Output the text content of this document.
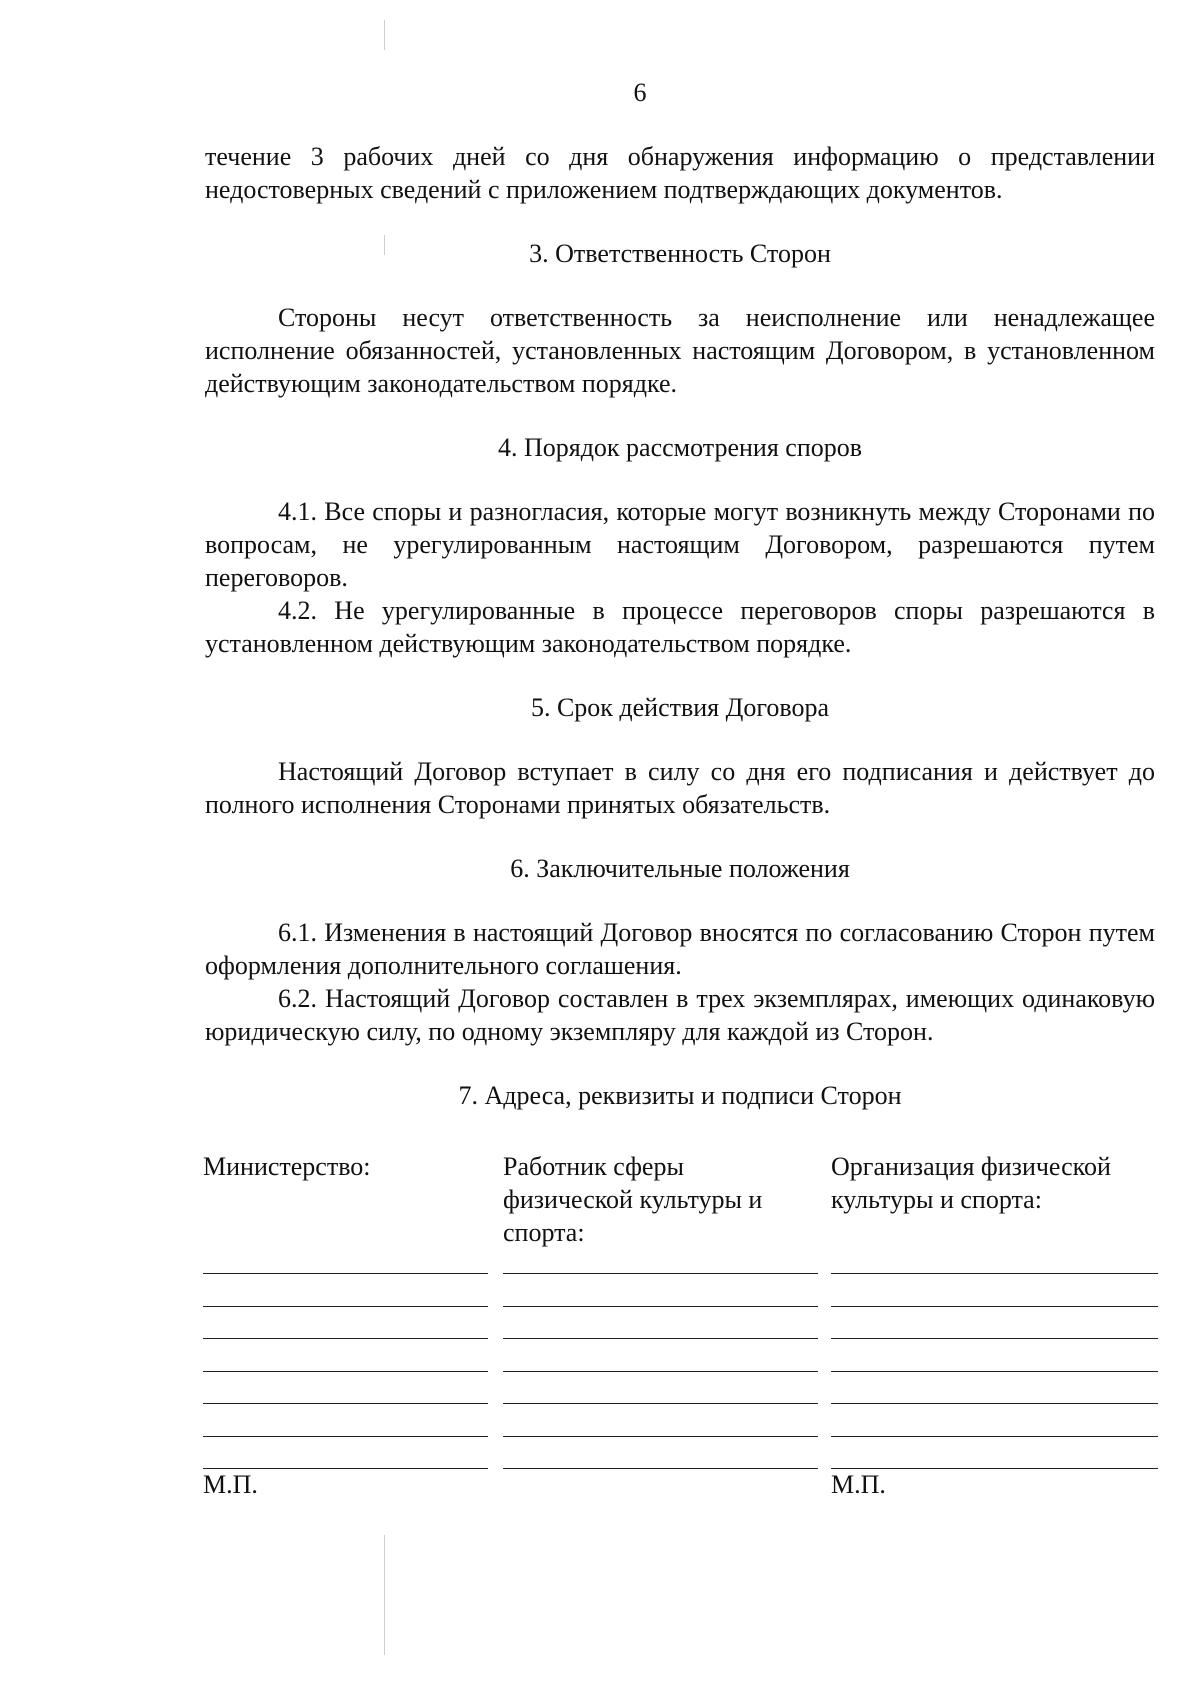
6

течение 3 рабочих дней со дня обнаружения информацию о представлении недостоверных сведений с приложением подтверждающих документов.

3. Ответственность Сторон

Стороны несут ответственность за неисполнение или ненадлежащее исполнение обязанностей, установленных настоящим Договором, в установленном действующим законодательством порядке.

4. Порядок рассмотрения споров

4.1. Все споры и разногласия, которые могут возникнуть между Сторонами по вопросам, не урегулированным настоящим Договором, разрешаются путем переговоров.

4.2. Не урегулированные в процессе переговоров споры разрешаются в установленном действующим законодательством порядке.

5. Срок действия Договора

Настоящий Договор вступает в силу со дня его подписания и действует до полного исполнения Сторонами принятых обязательств.

6. Заключительные положения

6.1. Изменения в настоящий Договор вносятся по согласованию Сторон путем оформления дополнительного соглашения.

6.2. Настоящий Договор составлен в трех экземплярах, имеющих одинаковую юридическую силу, по одному экземпляру для каждой из Сторон.

7. Адреса, реквизиты и подписи Сторон

Министерство:	Работник сферы физической культуры и спорта:

Организация физической культуры и спорта:

М.П.	М.П.
